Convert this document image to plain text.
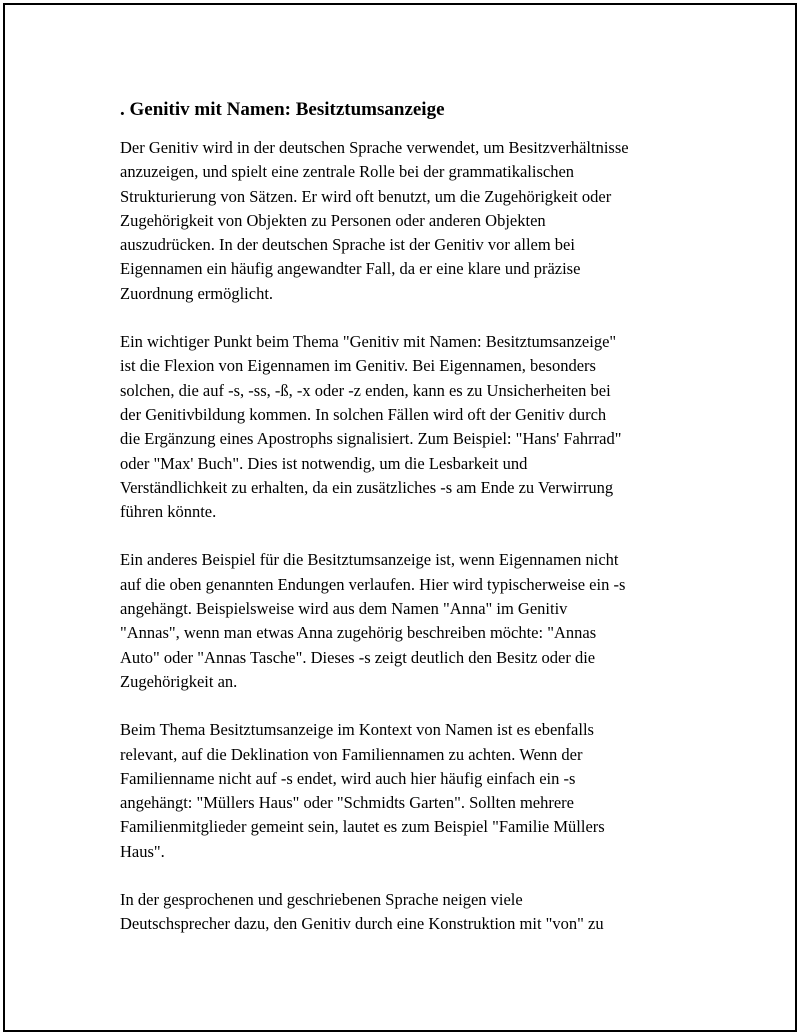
. Genitiv mit Namen: Besitztumsanzeige

Der Genitiv wird in der deutschen Sprache verwendet, um Besitzverhältnisse
anzuzeigen, und spielt eine zentrale Rolle bei der grammatikalischen
Strukturierung von Sätzen. Er wird oft benutzt, um die Zugehörigkeit oder
Zugehörigkeit von Objekten zu Personen oder anderen Objekten
auszudrücken. In der deutschen Sprache ist der Genitiv vor allem bei
Eigennamen ein häufig angewandter Fall, da er eine klare und präzise
Zuordnung ermöglicht.

Ein wichtiger Punkt beim Thema "Genitiv mit Namen: Besitztumsanzeige"
ist die Flexion von Eigennamen im Genitiv. Bei Eigennamen, besonders
solchen, die auf -s, -ss, -ß, -x oder -z enden, kann es zu Unsicherheiten bei
der Genitivbildung kommen. In solchen Fällen wird oft der Genitiv durch
die Ergänzung eines Apostrophs signalisiert. Zum Beispiel: "Hans' Fahrrad"
oder "Max' Buch". Dies ist notwendig, um die Lesbarkeit und
Verständlichkeit zu erhalten, da ein zusätzliches -s am Ende zu Verwirrung
führen könnte.

Ein anderes Beispiel für die Besitztumsanzeige ist, wenn Eigennamen nicht
auf die oben genannten Endungen verlaufen. Hier wird typischerweise ein -s
angehängt. Beispielsweise wird aus dem Namen "Anna" im Genitiv
"Annas", wenn man etwas Anna zugehörig beschreiben möchte: "Annas
Auto" oder "Annas Tasche". Dieses -s zeigt deutlich den Besitz oder die
Zugehörigkeit an.

Beim Thema Besitztumsanzeige im Kontext von Namen ist es ebenfalls
relevant, auf die Deklination von Familiennamen zu achten. Wenn der
Familienname nicht auf -s endet, wird auch hier häufig einfach ein -s
angehängt: "Müllers Haus" oder "Schmidts Garten". Sollten mehrere
Familienmitglieder gemeint sein, lautet es zum Beispiel "Familie Müllers
Haus".

In der gesprochenen und geschriebenen Sprache neigen viele
Deutschsprecher dazu, den Genitiv durch eine Konstruktion mit "von" zu
